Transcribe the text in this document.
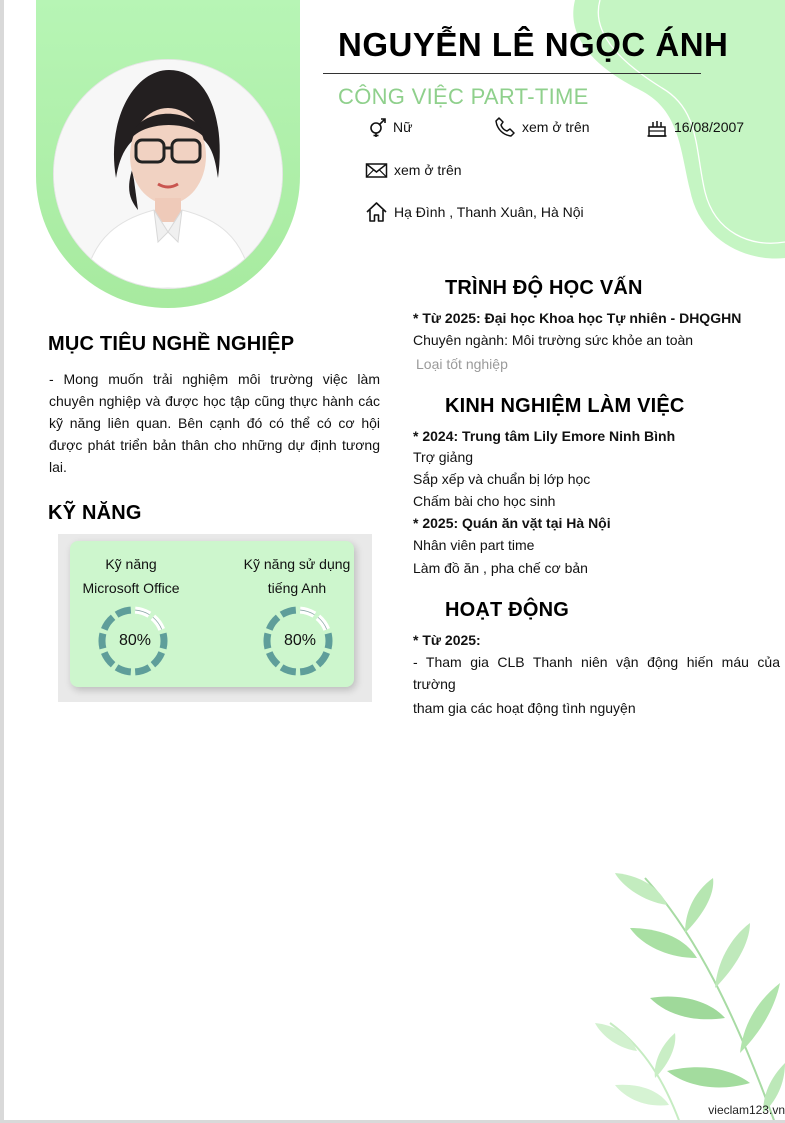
NGUYỄN LÊ NGỌC ÁNH
CÔNG VIỆC PART-TIME
Nữ	xem ở trên	16/08/2007
xem ở trên
Hạ Đình , Thanh Xuân, Hà Nội
MỤC TIÊU NGHỀ NGHIỆP
- Mong muốn trải nghiệm môi trường việc làm chuyên nghiệp và được học tập cũng thực hành các kỹ năng liên quan. Bên cạnh đó có thể có cơ hội được phát triển bản thân cho những dự định tương lai.
KỸ NĂNG
Kỹ năng
Microsoft Office
Kỹ năng sử dụng
tiếng Anh
80%	80%
TRÌNH ĐỘ HỌC VẤN
* Từ 2025: Đại học Khoa học Tự nhiên - DHQGHN
Chuyên ngành: Môi trường sức khỏe an toàn
Loại tốt nghiệp
KINH NGHIỆM LÀM VIỆC
* 2024: Trung tâm Lily Emore Ninh Bình
Trợ giảng
Sắp xếp và chuẩn bị lớp học
Chấm bài cho học sinh
* 2025: Quán ăn vặt tại Hà Nội
Nhân viên part time
Làm đồ ăn , pha chế cơ bản
HOẠT ĐỘNG
* Từ 2025:
- Tham gia CLB Thanh niên vận động hiến máu của trường
tham gia các hoạt động tình nguyện
vieclam123.vn
